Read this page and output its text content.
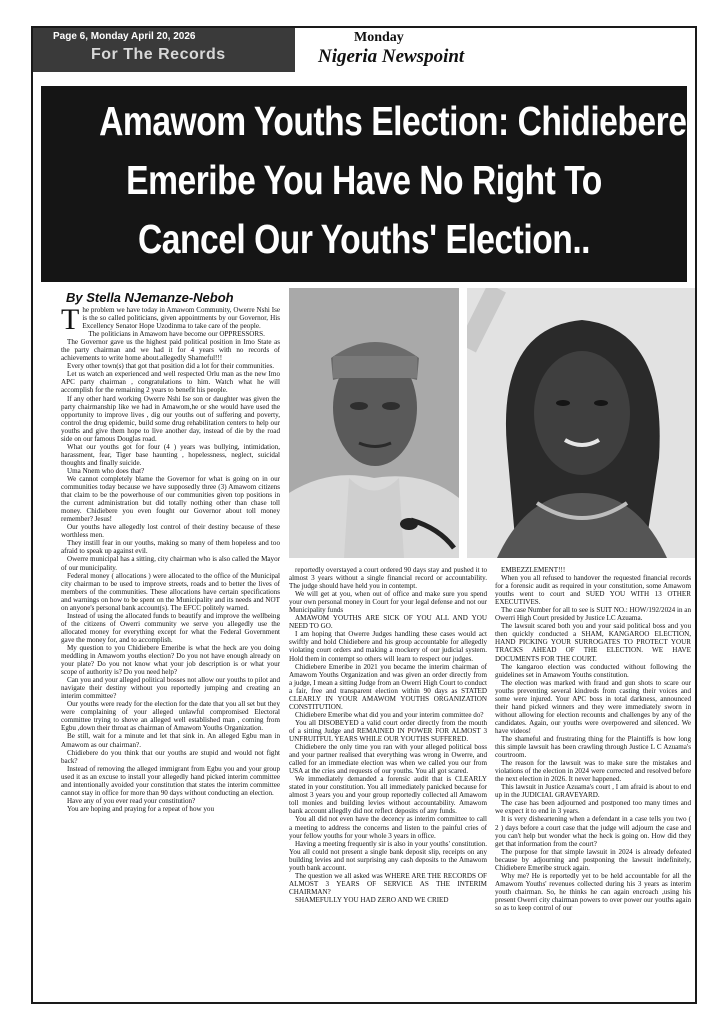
Page 6, Monday April 20, 2026
For The Records
Monday
Nigeria Newspoint
Amawom Youths Election: Chidiebere
Emeribe You Have No Right To
Cancel Our Youths' Election..
By Stella NJemanze-Neboh
T he problem we have today in Amawom Community, Owerre Nshi Ise is the so called politicians, given appointments by our Governor, His Excellency Senator Hope Uzodinma to take care of the people.

The politicians in Amawom have become our OPPRESSORS.

The Governor gave us the highest paid political position in Imo State as the party chairman and we had it for 4 years with no records of achievements to write home about.allegedly Shameful!!!

Every other town(s) that got that position did a lot for their communities.

Let us watch an experienced and well respected Orlu man as the new Imo APC party chairman , congratulations to him. Watch what he will accomplish for the remaining 2 years to benefit his people.

If any other hard working Owerre Nshi Ise son or daughter was given the party chairmanship like we had in Amawom,he or she would have used the opportunity to improve lives , dig our youths out of suffering and poverty, control the drug epidemic, build some drug rehabilitation centers to help our youths and give them hope to live another day, instead of die by the road side on our famous Douglas road.

What our youths got for four (4 ) years was bullying, intimidation, harassment, fear, Tiger base haunting , hopelessness, neglect, suicidal thoughts and finally suicide.

Uma Nnem who does that?

We cannot completely blame the Governor for what is going on in our communities today because we have supposedly three (3) Amawom citizens that claim to be the powerhouse of our communities given top positions in the current administration but did totally nothing other than chase toll money. Chidiebere you even fought our Governor about toll money remember? Jesus!

Our youths have allegedly lost control of their destiny because of these worthless men.

They instill fear in our youths, making so many of them hopeless and too afraid to speak up against evil.

Owerre municipal has a sitting, city chairman who is also called the Mayor of our municipality.

Federal money ( allocations ) were allocated to the office of the Municipal city chairman to be used to improve streets, roads and to better the lives of members of the communities. These allocations have certain specifications and warnings on how to be spent on the Municipality and its needs and NOT on anyone's personal bank account(s). The EFCC politely warned.

Instead of using the allocated funds to beautify and improve the wellbeing of the citizens of Owerri community we serve you allegedly use the allocated money for everything except for what the Federal Government gave the money for, and to accomplish.

My question to you Chidiebere Emeribe is what the heck are you doing meddling in Amawom youths election? Do you not have enough already on your plate? Do you not know what your job description is or what your scope of authority is? Do you need help?

Can you and your alleged political bosses not allow our youths to pilot and navigate their destiny without you reportedly jumping and creating an interim committee?

Our youths were ready for the election for the date that you all set but they were complaining of your alleged unlawful compromised Electoral committee trying to shove an alleged well established man , coming from Egbu ,down their throat as chairman of Amawom Youths Organization.

Be still, wait for a minute and let that sink in. An alleged Egbu man in Amawom as our chairman?.

Chidiebere do you think that our youths are stupid and would not fight back?

Instead of removing the alleged immigrant from Egbu you and your group used it as an excuse to install your allegedly hand picked interim committee and intentionally avoided your constitution that states the interim committee cannot stay in office for more than 90 days without conducting an election.

Have any of you ever read your constitution?

You are hoping and praying for a repeat of how you

reportedly overstayed a court ordered 90 days stay and pushed it to almost 3 years without a single financial record or accountability. The judge should have held you in contempt.

We will get at you, when out of office and make sure you spend your own personal money in Court for your legal defense and not our Municipality funds

AMAWOM YOUTHS ARE SICK OF YOU ALL AND YOU NEED TO GO.

I am hoping that Owerre Judges handling these cases would act swiftly and hold Chidiebere and his group accountable for allegedly violating court orders and making a mockery of our judicial system. Hold them in contempt so others will learn to respect our judges.

Chidiebere Emeribe in 2021 you became the interim chairman of Amawom Youths Organization and was given an order directly from a judge, I mean a sitting Judge from an Owerri High Court to conduct a fair, free and transparent election within 90 days as STATED CLEARLY IN YOUR AMAWOM YOUTHS ORGANIZATION CONSTITUTION.

Chidiebere Emeribe what did you and your interim committee do?

You all DISOBEYED a valid court order directly from the mouth of a sitting Judge and REMAINED IN POWER FOR ALMOST 3 UNFRUITFUL YEARS WHILE OUR YOUTHS SUFFERED.

Chidiebere the only time you ran with your alleged political boss and your partner realised that everything was wrong in Owerre, and called for an immediate election was when we called you our from USA at the cries and requests of our youths. You all got scared.

We immediately demanded a forensic audit that is CLEARLY stated in your constitution. You all immediately panicked because for almost 3 years you and your group reportedly collected all Amawom toll monies and building levies without accountability. Amawom bank account allegdly did not reflect deposits of any funds.

You all did not even have the decency as interim committee to call a meeting to address the concerns and listen to the painful cries of your fellow youths for your whole 3 years in office.

Having a meeting frequently sir is also in your youths' constitution. You all could not present a single bank deposit slip, receipts on any building levies and not surprising any cash deposits to the Amawom youth bank account.

The question we all asked was WHERE ARE THE RECORDS OF ALMOST 3 YEARS OF SERVICE AS THE INTERIM CHAIRMAN?

SHAMEFULLY YOU HAD ZERO AND WE CRIED

EMBEZZLEMENT!!!

When you all refused to handover the requested financial records for a forensic audit as required in your constitution, some Amawom youths went to court and SUED YOU WITH 13 OTHER EXECUTIVES.

The case Number for all to see is SUIT NO.: HOW/192/2024 in an Owerri High Court presided by Justice LC Azuama.

The lawsuit scared both you and your said political boss and you then quickly conducted a SHAM, KANGAROO ELECTION, HAND PICKING YOUR SURROGATES TO PROTECT YOUR TRACKS AHEAD OF THE ELECTION. WE HAVE DOCUMENTS FOR THE COURT.

The kangaroo election was conducted without following the guidelines set in Amawom Youths constitution.

The election was marked with fraud and gun shots to scare our youths preventing several kindreds from casting their voices and some were injured. Your APC boss in total darkness, announced their hand picked winners and they were immediately sworn in without allowing for election recounts and challenges by any of the candidates. Again, our youths were overpowered and silenced. We have videos!

The shameful and frustrating thing for the Plaintiffs is how long this simple lawsuit has been crawling through Justice L C Azuama's courtroom.

The reason for the lawsuit was to make sure the mistakes and violations of the election in 2024 were corrected and resolved before the next election in 2026. It never happened.

This lawsuit in Justice Azuama's court , I am afraid is about to end up in the JUDICIAL GRAVEYARD.

The case has been adjourned and postponed too many times and we expect it to end in 3 years.

It is very disheartening when a defendant in a case tells you two ( 2 ) days before a court case that the judge will adjourn the case and you can't help but wonder what the heck is going on. How did they get that information from the court?

The purpose for that simple lawsuit in 2024 is already defeated because by adjourning and postponing the lawsuit indefinitely, Chidiebere Emeribe struck again.

Why me? He is reportedly yet to be held accountable for all the Amawom Youths' revenues collected during his 3 years as interim youth chairman. So, he thinks he can again encroach ,using his present Owerri city chairman powers to over power our youths again so as to keep control of our
